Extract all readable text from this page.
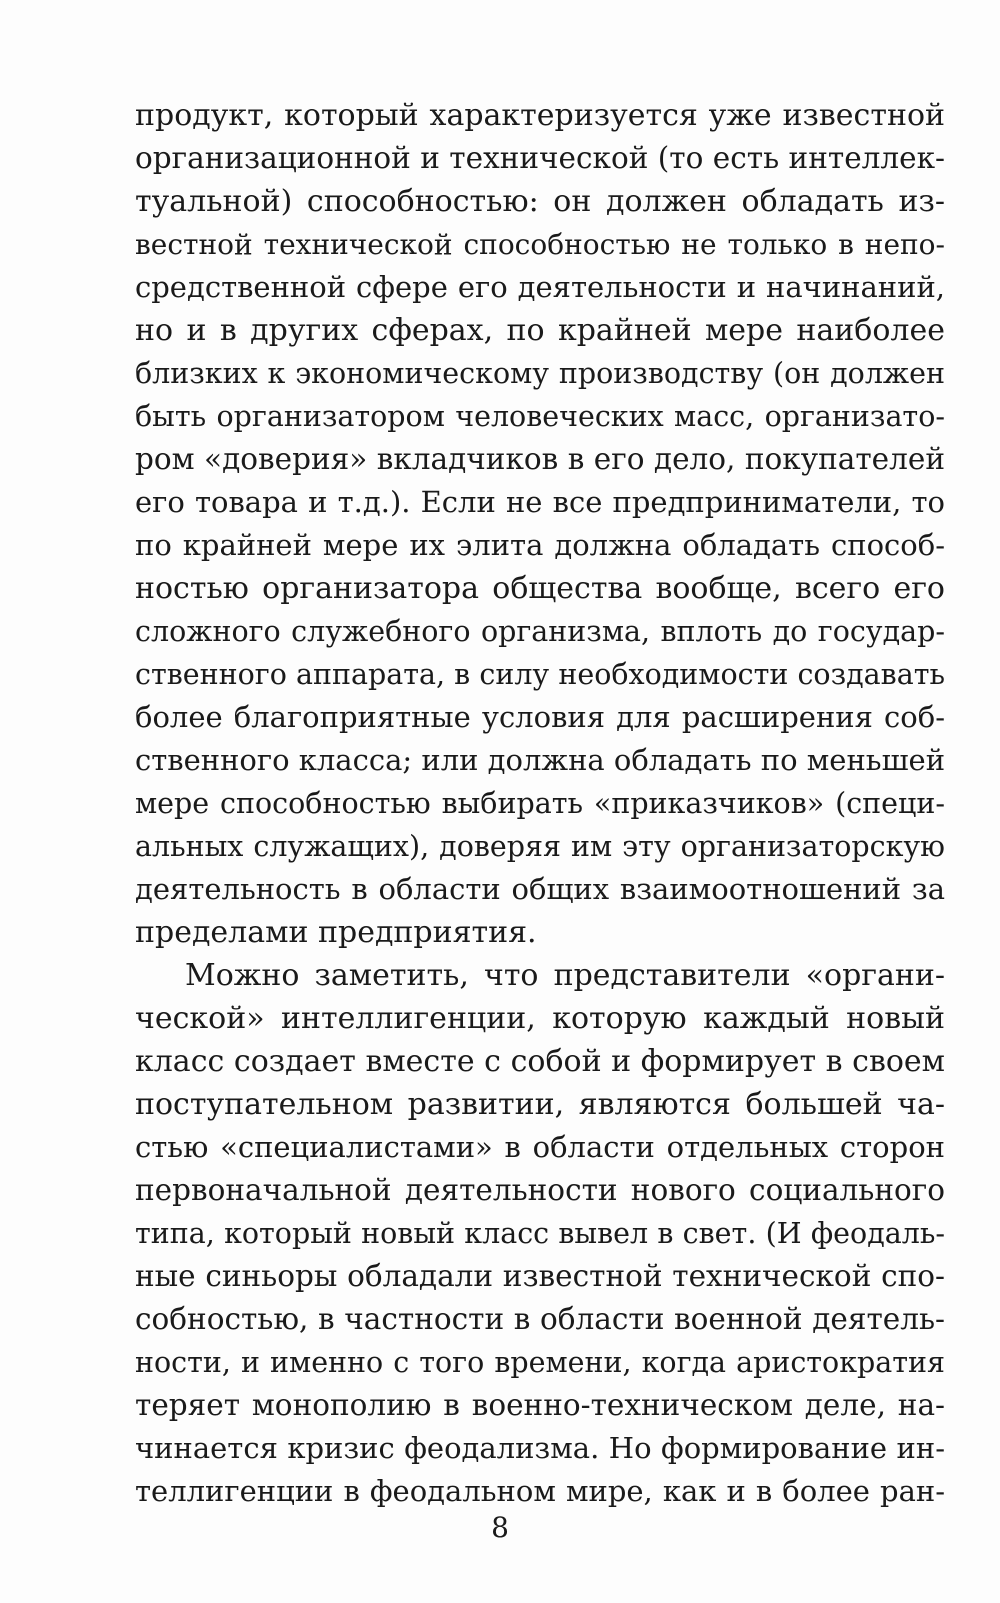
продукт, который характеризуется уже известной
организационной и технической (то есть интеллек-
туальной) способностью: он должен обладать из-
вестной технической способностью не только в непо-
средственной сфере его деятельности и начинаний,
но и в других сферах, по крайней мере наиболее
близких к экономическому производству (он должен
быть организатором человеческих масс, организато-
ром «доверия» вкладчиков в его дело, покупателей
его товара и т.д.). Если не все предприниматели, то
по крайней мере их элита должна обладать способ-
ностью организатора общества вообще, всего его
сложного служебного организма, вплоть до государ-
ственного аппарата, в силу необходимости создавать
более благоприятные условия для расширения соб-
ственного класса; или должна обладать по меньшей
мере способностью выбирать «приказчиков» (специ-
альных служащих), доверяя им эту организаторскую
деятельность в области общих взаимоотношений за
пределами предприятия.
Можно заметить, что представители «органи-
ческой» интеллигенции, которую каждый новый
класс создает вместе с собой и формирует в своем
поступательном развитии, являются большей ча-
стью «специалистами» в области отдельных сторон
первоначальной деятельности нового социального
типа, который новый класс вывел в свет. (И феодаль-
ные синьоры обладали известной технической спо-
собностью, в частности в области военной деятель-
ности, и именно с того времени, когда аристократия
теряет монополию в военно-техническом деле, на-
чинается кризис феодализма. Но формирование ин-
теллигенции в феодальном мире, как и в более ран-
8
